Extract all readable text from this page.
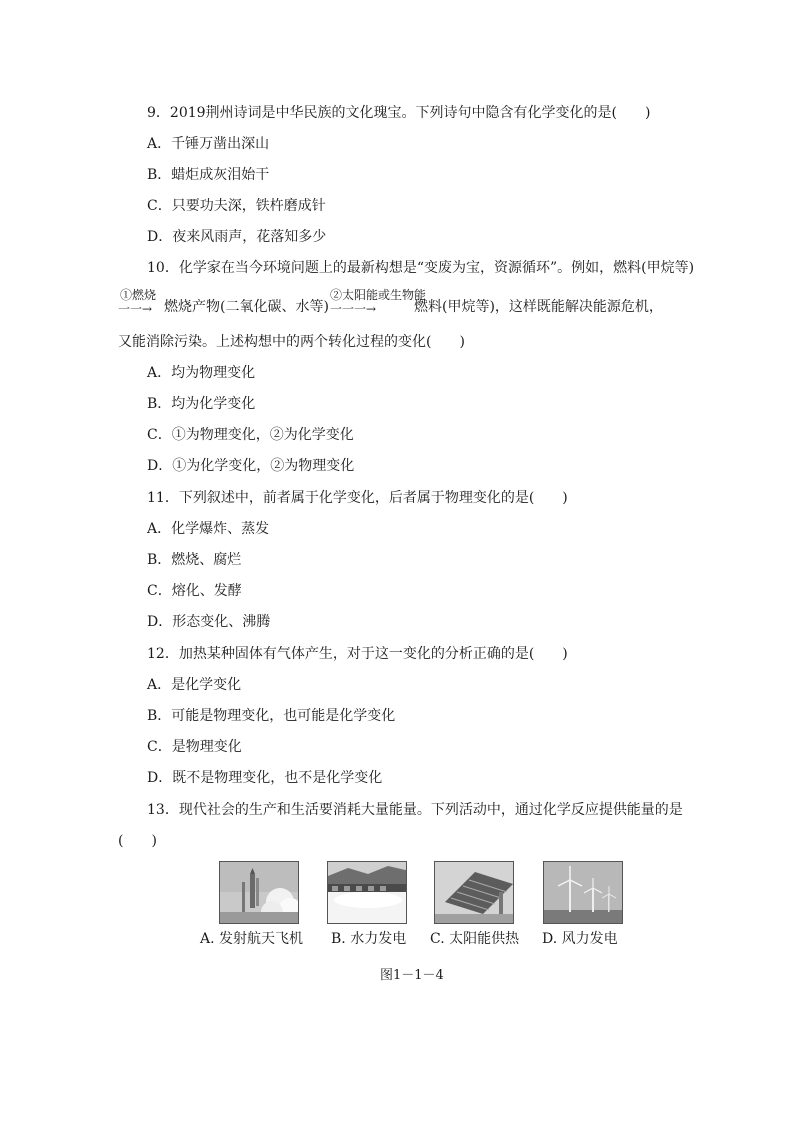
9．2019荆州诗词是中华民族的文化瑰宝。下列诗句中隐含有化学变化的是(　　)
A．千锤万凿出深山
B．蜡炬成灰泪始干
C．只要功夫深，铁杵磨成针
D．夜来风雨声，花落知多少
10．化学家在当今环境问题上的最新构想是“变废为宝，资源循环”。例如，燃料(甲烷等)
①燃烧
一一→ 燃烧产物(二氧化碳、水等)
②太阳能或生物能
一一一→	燃料(甲烷等)，这样既能解决能源危机，
又能消除污染。上述构想中的两个转化过程的变化(　　)
A．均为物理变化
B．均为化学变化
C．①为物理变化，②为化学变化
D．①为化学变化，②为物理变化
11．下列叙述中，前者属于化学变化，后者属于物理变化的是(　　)
A．化学爆炸、蒸发
B．燃烧、腐烂
C．熔化、发酵
D．形态变化、沸腾
12．加热某种固体有气体产生，对于这一变化的分析正确的是(　　)
A．是化学变化
B．可能是物理变化，也可能是化学变化
C．是物理变化
D．既不是物理变化，也不是化学变化
13．现代社会的生产和生活要消耗大量能量。下列活动中，通过化学反应提供能量的是
(　　)
A. 发射航天飞机 B. 水力发电 C. 太阳能供热 D. 风力发电
图1－1－4
